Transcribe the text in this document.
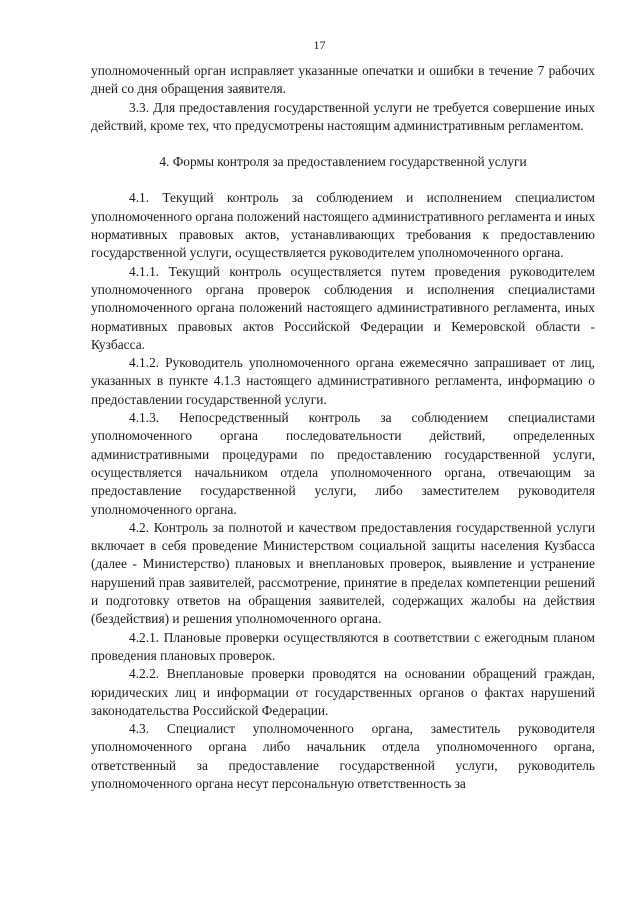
17

уполномоченный орган исправляет указанные опечатки и ошибки в течение 7 рабочих дней со дня обращения заявителя.

3.3. Для предоставления государственной услуги не требуется совершение иных действий, кроме тех, что предусмотрены настоящим административным регламентом.

4. Формы контроля за предоставлением государственной услуги

4.1. Текущий контроль за соблюдением и исполнением специалистом уполномоченного органа положений настоящего административного регламента и иных нормативных правовых актов, устанавливающих требования к предоставлению государственной услуги, осуществляется руководителем уполномоченного органа.

4.1.1. Текущий контроль осуществляется путем проведения руководителем уполномоченного органа проверок соблюдения и исполнения специалистами уполномоченного органа положений настоящего административного регламента, иных нормативных правовых актов Российской Федерации и Кемеровской области - Кузбасса.

4.1.2. Руководитель уполномоченного органа ежемесячно запрашивает от лиц, указанных в пункте 4.1.3 настоящего административного регламента, информацию о предоставлении государственной услуги.

4.1.3. Непосредственный контроль за соблюдением специалистами уполномоченного органа последовательности действий, определенных административными процедурами по предоставлению государственной услуги, осуществляется начальником отдела уполномоченного органа, отвечающим за предоставление государственной услуги, либо заместителем руководителя уполномоченного органа.

4.2. Контроль за полнотой и качеством предоставления государственной услуги включает в себя проведение Министерством социальной защиты населения Кузбасса (далее - Министерство) плановых и внеплановых проверок, выявление и устранение нарушений прав заявителей, рассмотрение, принятие в пределах компетенции решений и подготовку ответов на обращения заявителей, содержащих жалобы на действия (бездействия) и решения уполномоченного органа.

4.2.1. Плановые проверки осуществляются в соответствии с ежегодным планом проведения плановых проверок.

4.2.2. Внеплановые проверки проводятся на основании обращений граждан, юридических лиц и информации от государственных органов о фактах нарушений законодательства Российской Федерации.

4.3. Специалист уполномоченного органа, заместитель руководителя уполномоченного органа либо начальник отдела уполномоченного органа, ответственный за предоставление государственной услуги, руководитель уполномоченного органа несут персональную ответственность за
